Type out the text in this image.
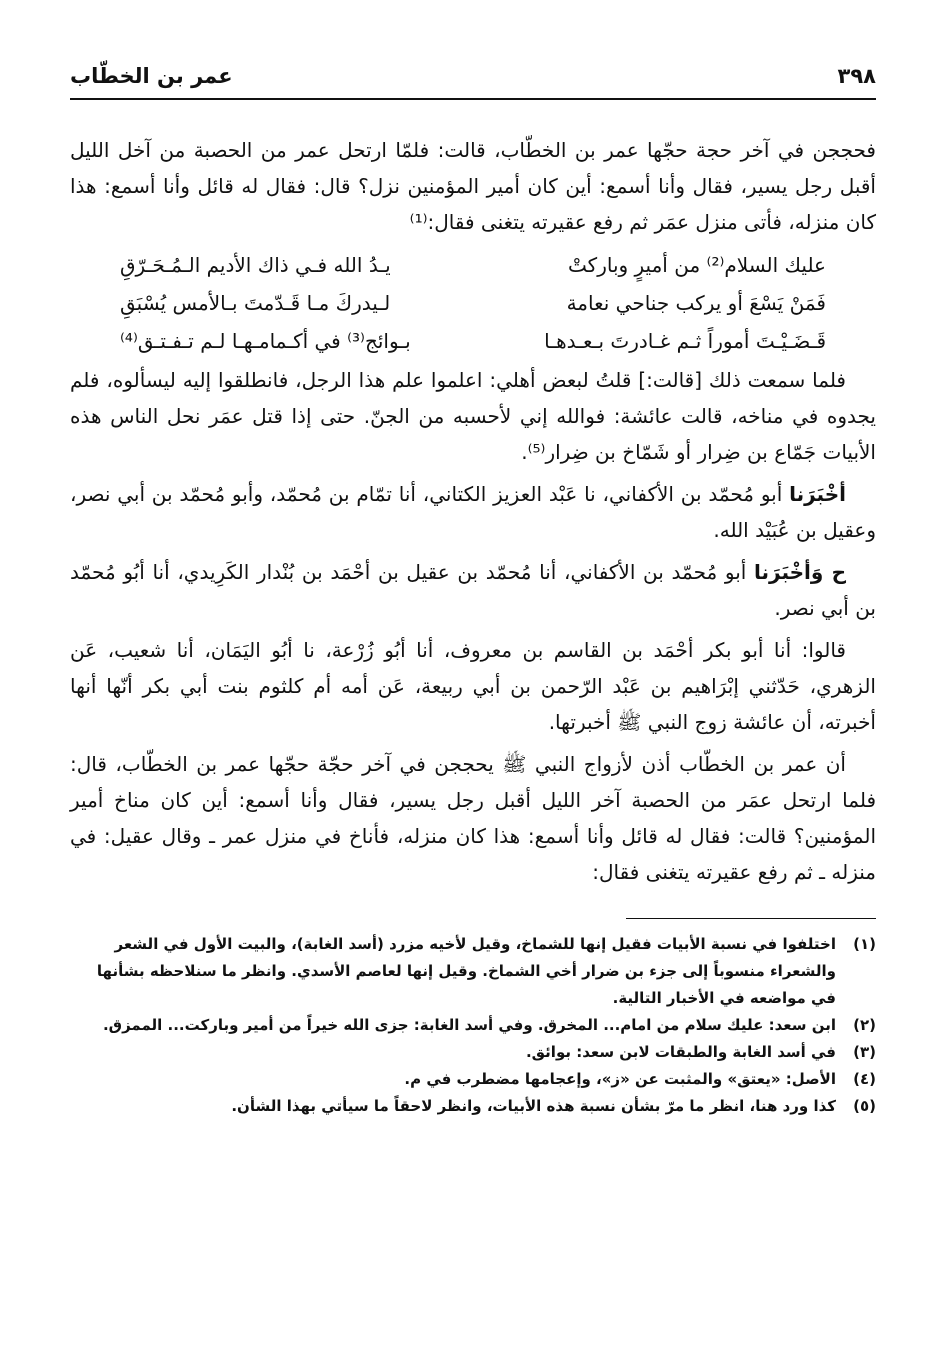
٣٩٨
عمر بن الخطّاب

فحججن في آخر حجة حجّها عمر بن الخطّاب، قالت: فلمّا ارتحل عمر من الحصبة من آخل الليل أقبل رجل يسير، فقال وأنا أسمع: أين كان أمير المؤمنين نزل؟ قال: فقال له قائل وأنا أسمع: هذا كان منزله، فأتى منزل عمَر ثم رفع عقيرته يتغنى فقال:⁽¹⁾

عليك السلام⁽²⁾ من أميرٍ وباركتْ
يـدُ الله فـي ذاك الأديم الـمُـحَـرّقِ
فَمَنْ يَسْعَ أو يركب جناحي نعامة
لـيدركَ مـا قَـدّمتَ بـالأمس يُسْبَقِ
قَـضَـيْـتَ أموراً ثـم غـادرتَ بـعـدهـا
بـوائج⁽³⁾ في أكـمامـهـا لـم تـفـتـق⁽⁴⁾

فلما سمعت ذلك [قالت:] قلتُ لبعض أهلي: اعلموا علم هذا الرجل، فانطلقوا إليه ليسألوه، فلم يجدوه في مناخه، قالت عائشة: فوالله إني لأحسبه من الجنّ. حتى إذا قتل عمَر نحل الناس هذه الأبيات جَمّاع بن ضِرار أو شَمّاخ بن ضِرار⁽⁵⁾.

أخْبَرَنا أبو مُحمّد بن الأكفاني، نا عَبْد العزيز الكتاني، أنا تمّام بن مُحمّد، وأبو مُحمّد بن أبي نصر، وعقيل بن عُبَيْد الله.

ح وَأخْبَرَنا أبو مُحمّد بن الأكفاني، أنا مُحمّد بن عقيل بن أحْمَد بن بُنْدار الكَرِيدي، أنا أبُو مُحمّد بن أبي نصر.

قالوا: أنا أبو بكر أحْمَد بن القاسم بن معروف، أنا أبُو زُرْعة، نا أبُو اليَمَان، أنا شعيب، عَن الزهري، حَدّثني إبْرَاهيم بن عَبْد الرّحمن بن أبي ربيعة، عَن أمه أم كلثوم بنت أبي بكر أنّها أنها أخبرته، أن عائشة زوج النبي ﷺ أخبرتها.

أن عمر بن الخطّاب أذن لأزواج النبي ﷺ يحججن في آخر حجّة حجّها عمر بن الخطّاب، قال: فلما ارتحل عمَر من الحصبة آخر الليل أقبل رجل يسير، فقال وأنا أسمع: أين كان مناخ أمير المؤمنين؟ قالت: فقال له قائل وأنا أسمع: هذا كان منزله، فأناخ في منزل عمر ـ وقال عقيل: في منزله ـ ثم رفع عقيرته يتغنى فقال:

(١)
اختلفوا في نسبة الأبيات فقيل إنها للشماخ، وقيل لأخيه مزرد (أسد الغابة)، والبيت الأول في الشعر والشعراء منسوباً إلى جزء بن ضرار أخي الشماخ. وقيل إنها لعاصم الأسدي. وانظر ما سنلاحظه بشأنها في مواضعه في الأخبار التالية.
(٢)
ابن سعد: عليك سلام من امام... المخرق. وفي أسد الغابة: جزى الله خيراً من أمير وباركت... الممزق.
(٣)
في أسد الغابة والطبقات لابن سعد: بوائق.
(٤)
الأصل: «يعتق» والمثبت عن «ز»، وإعجامها مضطرب في م.
(٥)
كذا ورد هنا، انظر ما مرّ بشأن نسبة هذه الأبيات، وانظر لاحقاً ما سيأتي بهذا الشأن.
